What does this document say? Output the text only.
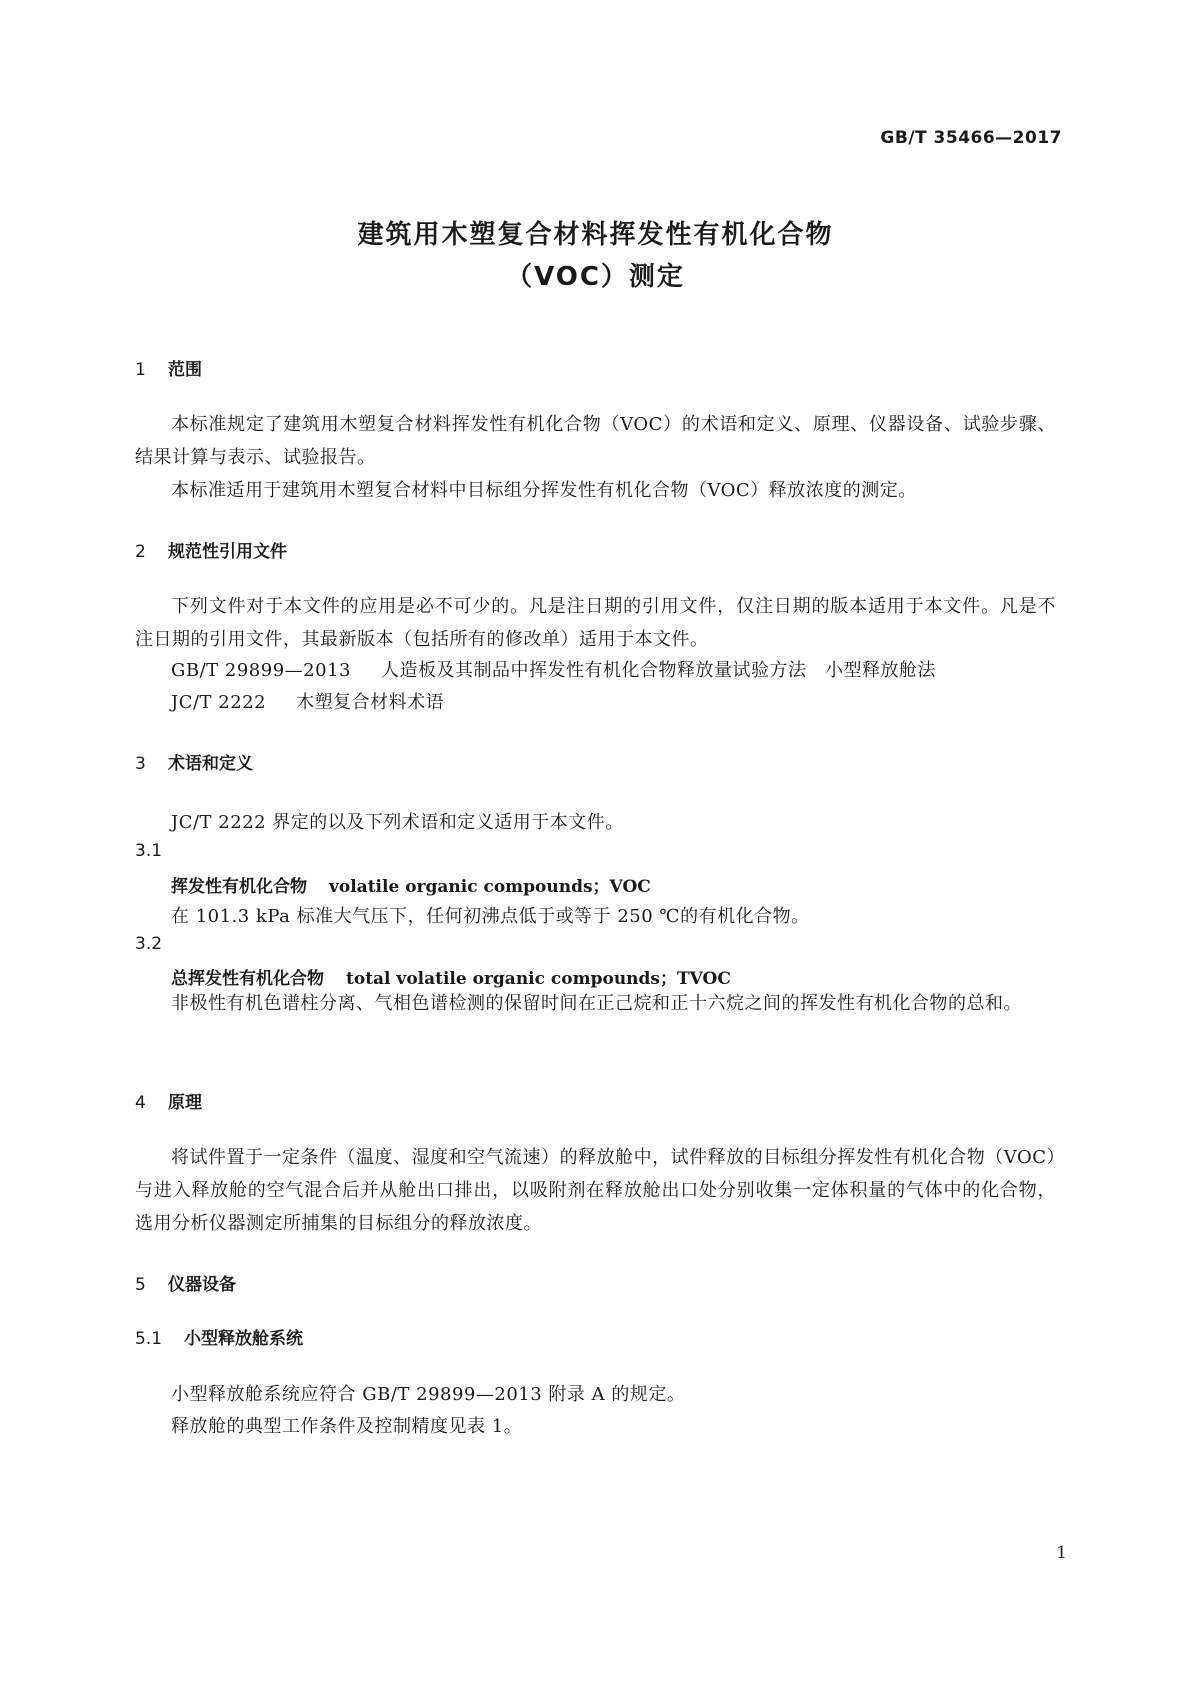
GB/T 35466—2017
建筑用木塑复合材料挥发性有机化合物
（VOC）测定
1 范围
本标准规定了建筑用木塑复合材料挥发性有机化合物（VOC）的术语和定义、原理、仪器设备、试验步骤、结果计算与表示、试验报告。
本标准适用于建筑用木塑复合材料中目标组分挥发性有机化合物（VOC）释放浓度的测定。
2 规范性引用文件
下列文件对于本文件的应用是必不可少的。凡是注日期的引用文件，仅注日期的版本适用于本文件。凡是不注日期的引用文件，其最新版本（包括所有的修改单）适用于本文件。
GB/T 29899—2013 人造板及其制品中挥发性有机化合物释放量试验方法　小型释放舱法
JC/T 2222 木塑复合材料术语
3 术语和定义
JC/T 2222 界定的以及下列术语和定义适用于本文件。
3.1
挥发性有机化合物 volatile organic compounds；VOC
在 101.3 kPa 标准大气压下，任何初沸点低于或等于 250 ℃的有机化合物。
3.2
总挥发性有机化合物 total volatile organic compounds；TVOC
非极性有机色谱柱分离、气相色谱检测的保留时间在正己烷和正十六烷之间的挥发性有机化合物的总和。
4 原理
将试件置于一定条件（温度、湿度和空气流速）的释放舱中，试件释放的目标组分挥发性有机化合物（VOC）与进入释放舱的空气混合后并从舱出口排出，以吸附剂在释放舱出口处分别收集一定体积量的气体中的化合物，选用分析仪器测定所捕集的目标组分的释放浓度。
5 仪器设备
5.1 小型释放舱系统
小型释放舱系统应符合 GB/T 29899—2013 附录 A 的规定。
释放舱的典型工作条件及控制精度见表 1。
1
